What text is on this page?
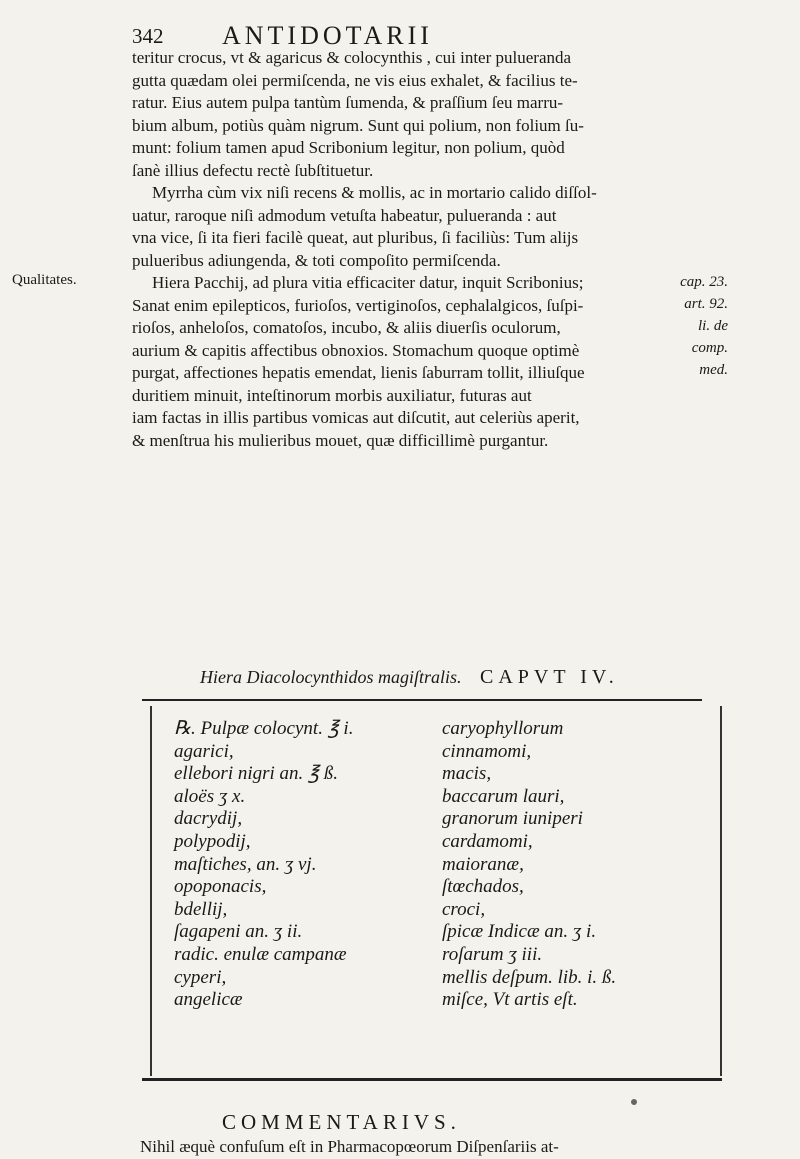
342 ANTIDOTARII
teritur crocus, vt & agaricus & colocynthis , cui inter pulueranda
gutta quædam olei permiſcenda, ne vis eius exhalet, & facilius te-
ratur. Eius autem pulpa tantùm ſumenda, & praſſium ſeu marru-
bium album, potiùs quàm nigrum. Sunt qui polium, non folium ſu-
munt: folium tamen apud Scribonium legitur, non polium, quòd
ſanè illius defectu rectè ſubſtituetur.
Myrrha cùm vix niſi recens & mollis, ac in mortario calido diſſol-
uatur, raroque niſi admodum vetuſta habeatur, pulueranda : aut
vna vice, ſi ita fieri facilè queat, aut pluribus, ſi faciliùs: Tum alijs
pulueribus adiungenda, & toti compoſito permiſcenda.
Hiera Pacchij, ad plura vitia efficaciter datur, inquit Scribonius;
Sanat enim epilepticos, furioſos, vertiginoſos, cephalalgicos, ſuſpi-
rioſos, anheloſos, comatoſos, incubo, & aliis diuerſis oculorum,
aurium & capitis affectibus obnoxios. Stomachum quoque optimè
purgat, affectiones hepatis emendat, lienis ſaburram tollit, illiuſque
duritiem minuit, inteſtinorum morbis auxiliatur, futuras aut
iam factas in illis partibus vomicas aut diſcutit, aut celeriùs aperit,
& menſtrua his mulieribus mouet, quæ difficillimè purgantur.
Qualitates.	cap. 23.
art. 92.
li. de
comp.
med.
Hiera Diacolocynthidos magiſtralis. CAPVT IV.
℞. Pulpæ colocynt. ℥ i.
agarici,
ellebori nigri an. ℥ ß.
aloës ʒ x.
dacrydij,
polypodij,
maſtiches, an. ʒ vj.
opoponacis,
bdellij,
ſagapeni an. ʒ ii.
radic. enulæ campanæ
cyperi,
angelicæ
caryophyllorum
cinnamomi,
macis,
baccarum lauri,
granorum iuniperi
cardamomi,
maioranæ,
ſtœchados,
croci,
ſpicæ Indicæ an. ʒ i.
roſarum ʒ iii.
mellis deſpum. lib. i. ß.
miſce, Vt artis eſt.
COMMENTARIVS.
Nihil æquè confuſum eſt in Pharmacopœorum Diſpenſariis at-
